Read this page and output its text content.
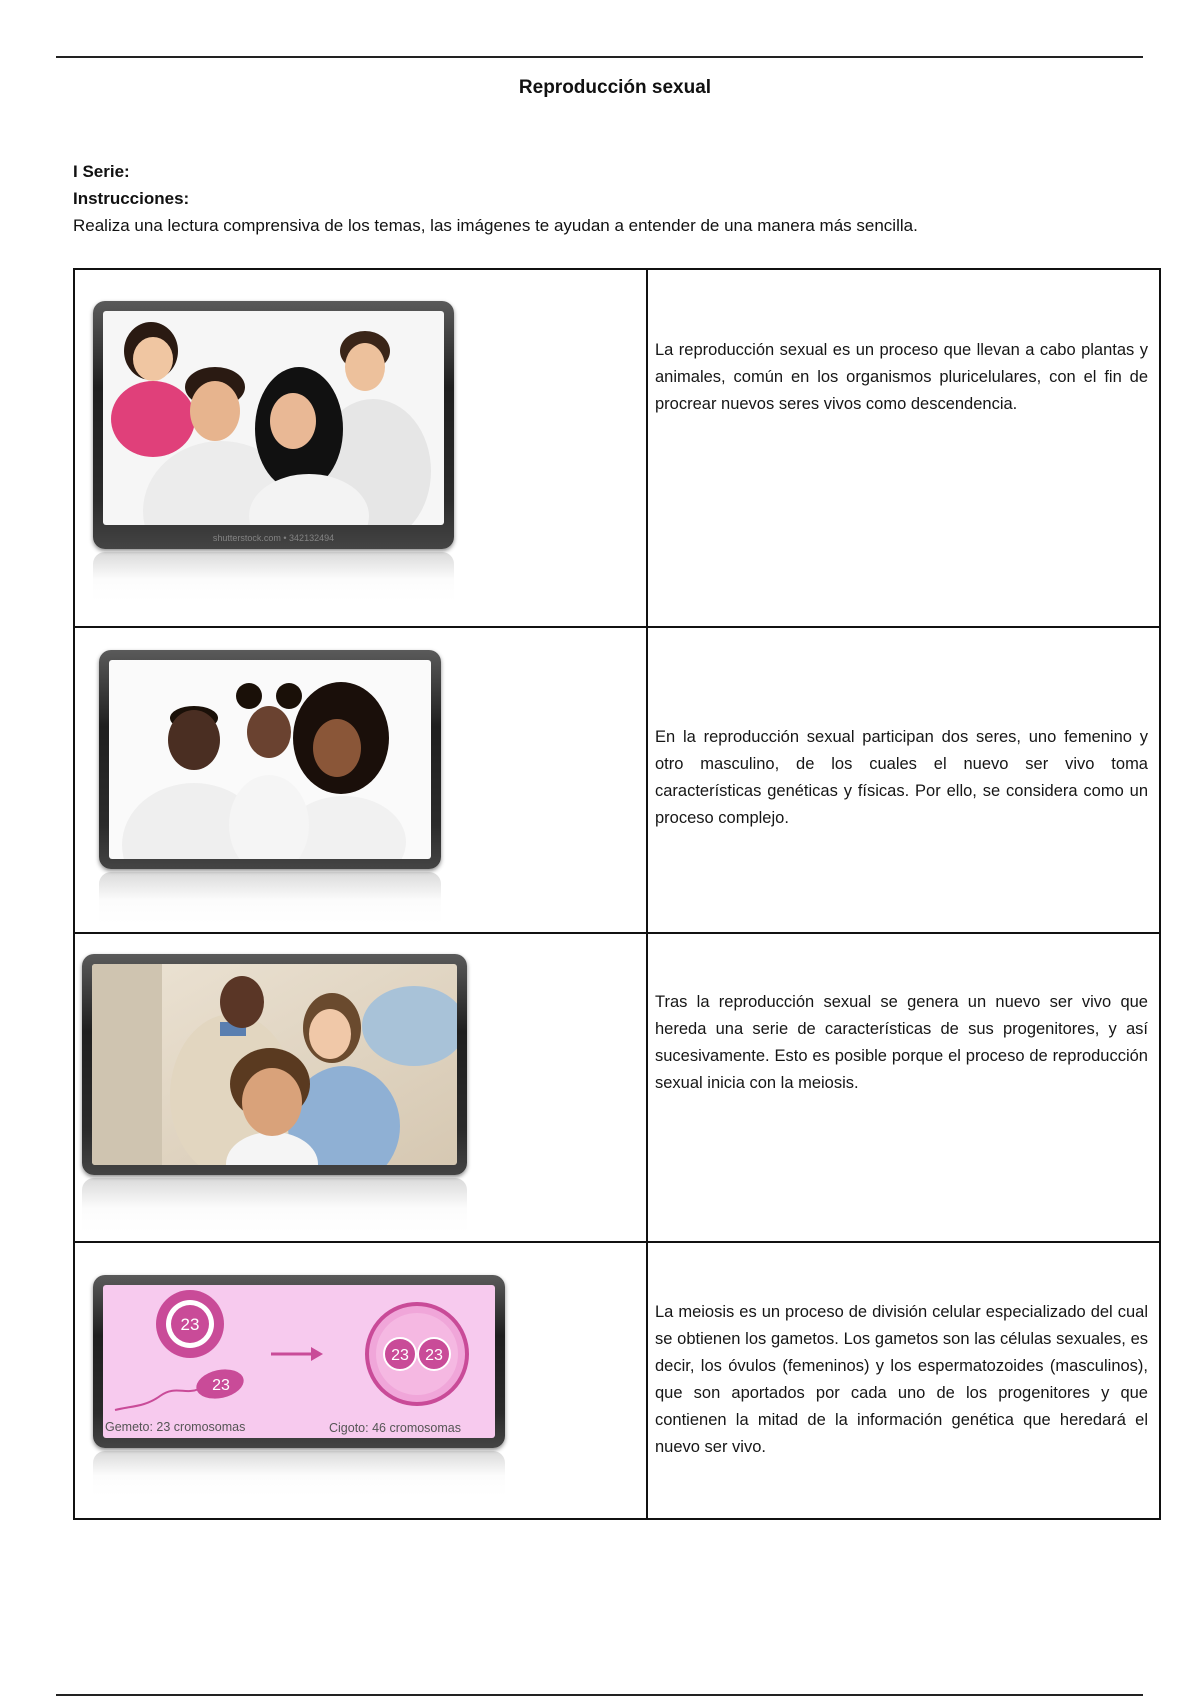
Reproducción sexual
I Serie:
Instrucciones:
Realiza una lectura comprensiva de los temas, las imágenes te ayudan a entender de una manera más sencilla.
shutterstock.com • 342132494
La reproducción sexual es un proceso que llevan a cabo plantas y animales, común en los organismos pluricelulares, con el fin de procrear nuevos seres vivos como descendencia.
En la reproducción sexual participan dos seres, uno femenino y otro masculino, de los cuales el nuevo ser vivo toma características genéticas y físicas. Por ello, se considera como un proceso complejo.
Tras la reproducción sexual se genera un nuevo ser vivo que hereda una serie de características de sus progenitores, y así sucesivamente. Esto es posible porque el proceso de reproducción sexual inicia con la meiosis.
23
23 23
23
Gemeto: 23 cromosomas	Cigoto: 46 cromosomas
La meiosis es un proceso de división celular especializado del cual se obtienen los gametos. Los gametos son las células sexuales, es decir, los óvulos (femeninos) y los espermatozoides (masculinos), que son aportados por cada uno de los progenitores y que contienen la mitad de la información genética que heredará el nuevo ser vivo.
